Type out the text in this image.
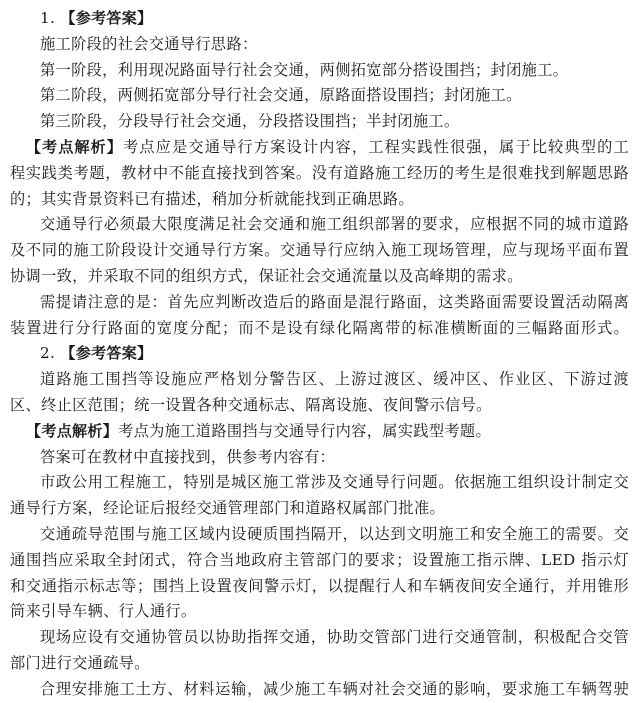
1. 【参考答案】
施工阶段的社会交通导行思路：
第一阶段，利用现况路面导行社会交通，两侧拓宽部分搭设围挡；封闭施工。
第二阶段，两侧拓宽部分导行社会交通，原路面搭设围挡；封闭施工。
第三阶段，分段导行社会交通，分段搭设围挡；半封闭施工。
【考点解析】考点应是交通导行方案设计内容，工程实践性很强，属于比较典型的工
程实践类考题，教材中不能直接找到答案。没有道路施工经历的考生是很难找到解题思路
的；其实背景资料已有描述，稍加分析就能找到正确思路。
交通导行必须最大限度满足社会交通和施工组织部署的要求，应根据不同的城市道路
及不同的施工阶段设计交通导行方案。交通导行应纳入施工现场管理，应与现场平面布置
协调一致，并采取不同的组织方式，保证社会交通流量以及高峰期的需求。
需提请注意的是：首先应判断改造后的路面是混行路面，这类路面需要设置活动隔离
装置进行分行路面的宽度分配；而不是设有绿化隔离带的标准横断面的三幅路面形式。
2. 【参考答案】
道路施工围挡等设施应严格划分警告区、上游过渡区、缓冲区、作业区、下游过渡
区、终止区范围；统一设置各种交通标志、隔离设施、夜间警示信号。
【考点解析】考点为施工道路围挡与交通导行内容，属实践型考题。
答案可在教材中直接找到，供参考内容有：
市政公用工程施工，特别是城区施工常涉及交通导行问题。依据施工组织设计制定交
通导行方案，经论证后报经交通管理部门和道路权属部门批准。
交通疏导范围与施工区域内设硬质围挡隔开，以达到文明施工和安全施工的需要。交
通围挡应采取全封闭式，符合当地政府主管部门的要求；设置施工指示牌、LED 指示灯
和交通指示标志等；围挡上设置夜间警示灯，以提醒行人和车辆夜间安全通行，并用锥形
筒来引导车辆、行人通行。
现场应设有交通协管员以协助指挥交通，协助交管部门进行交通管制，积极配合交管
部门进行交通疏导。
合理安排施工土方、材料运输，减少施工车辆对社会交通的影响，要求施工车辆驾驶
